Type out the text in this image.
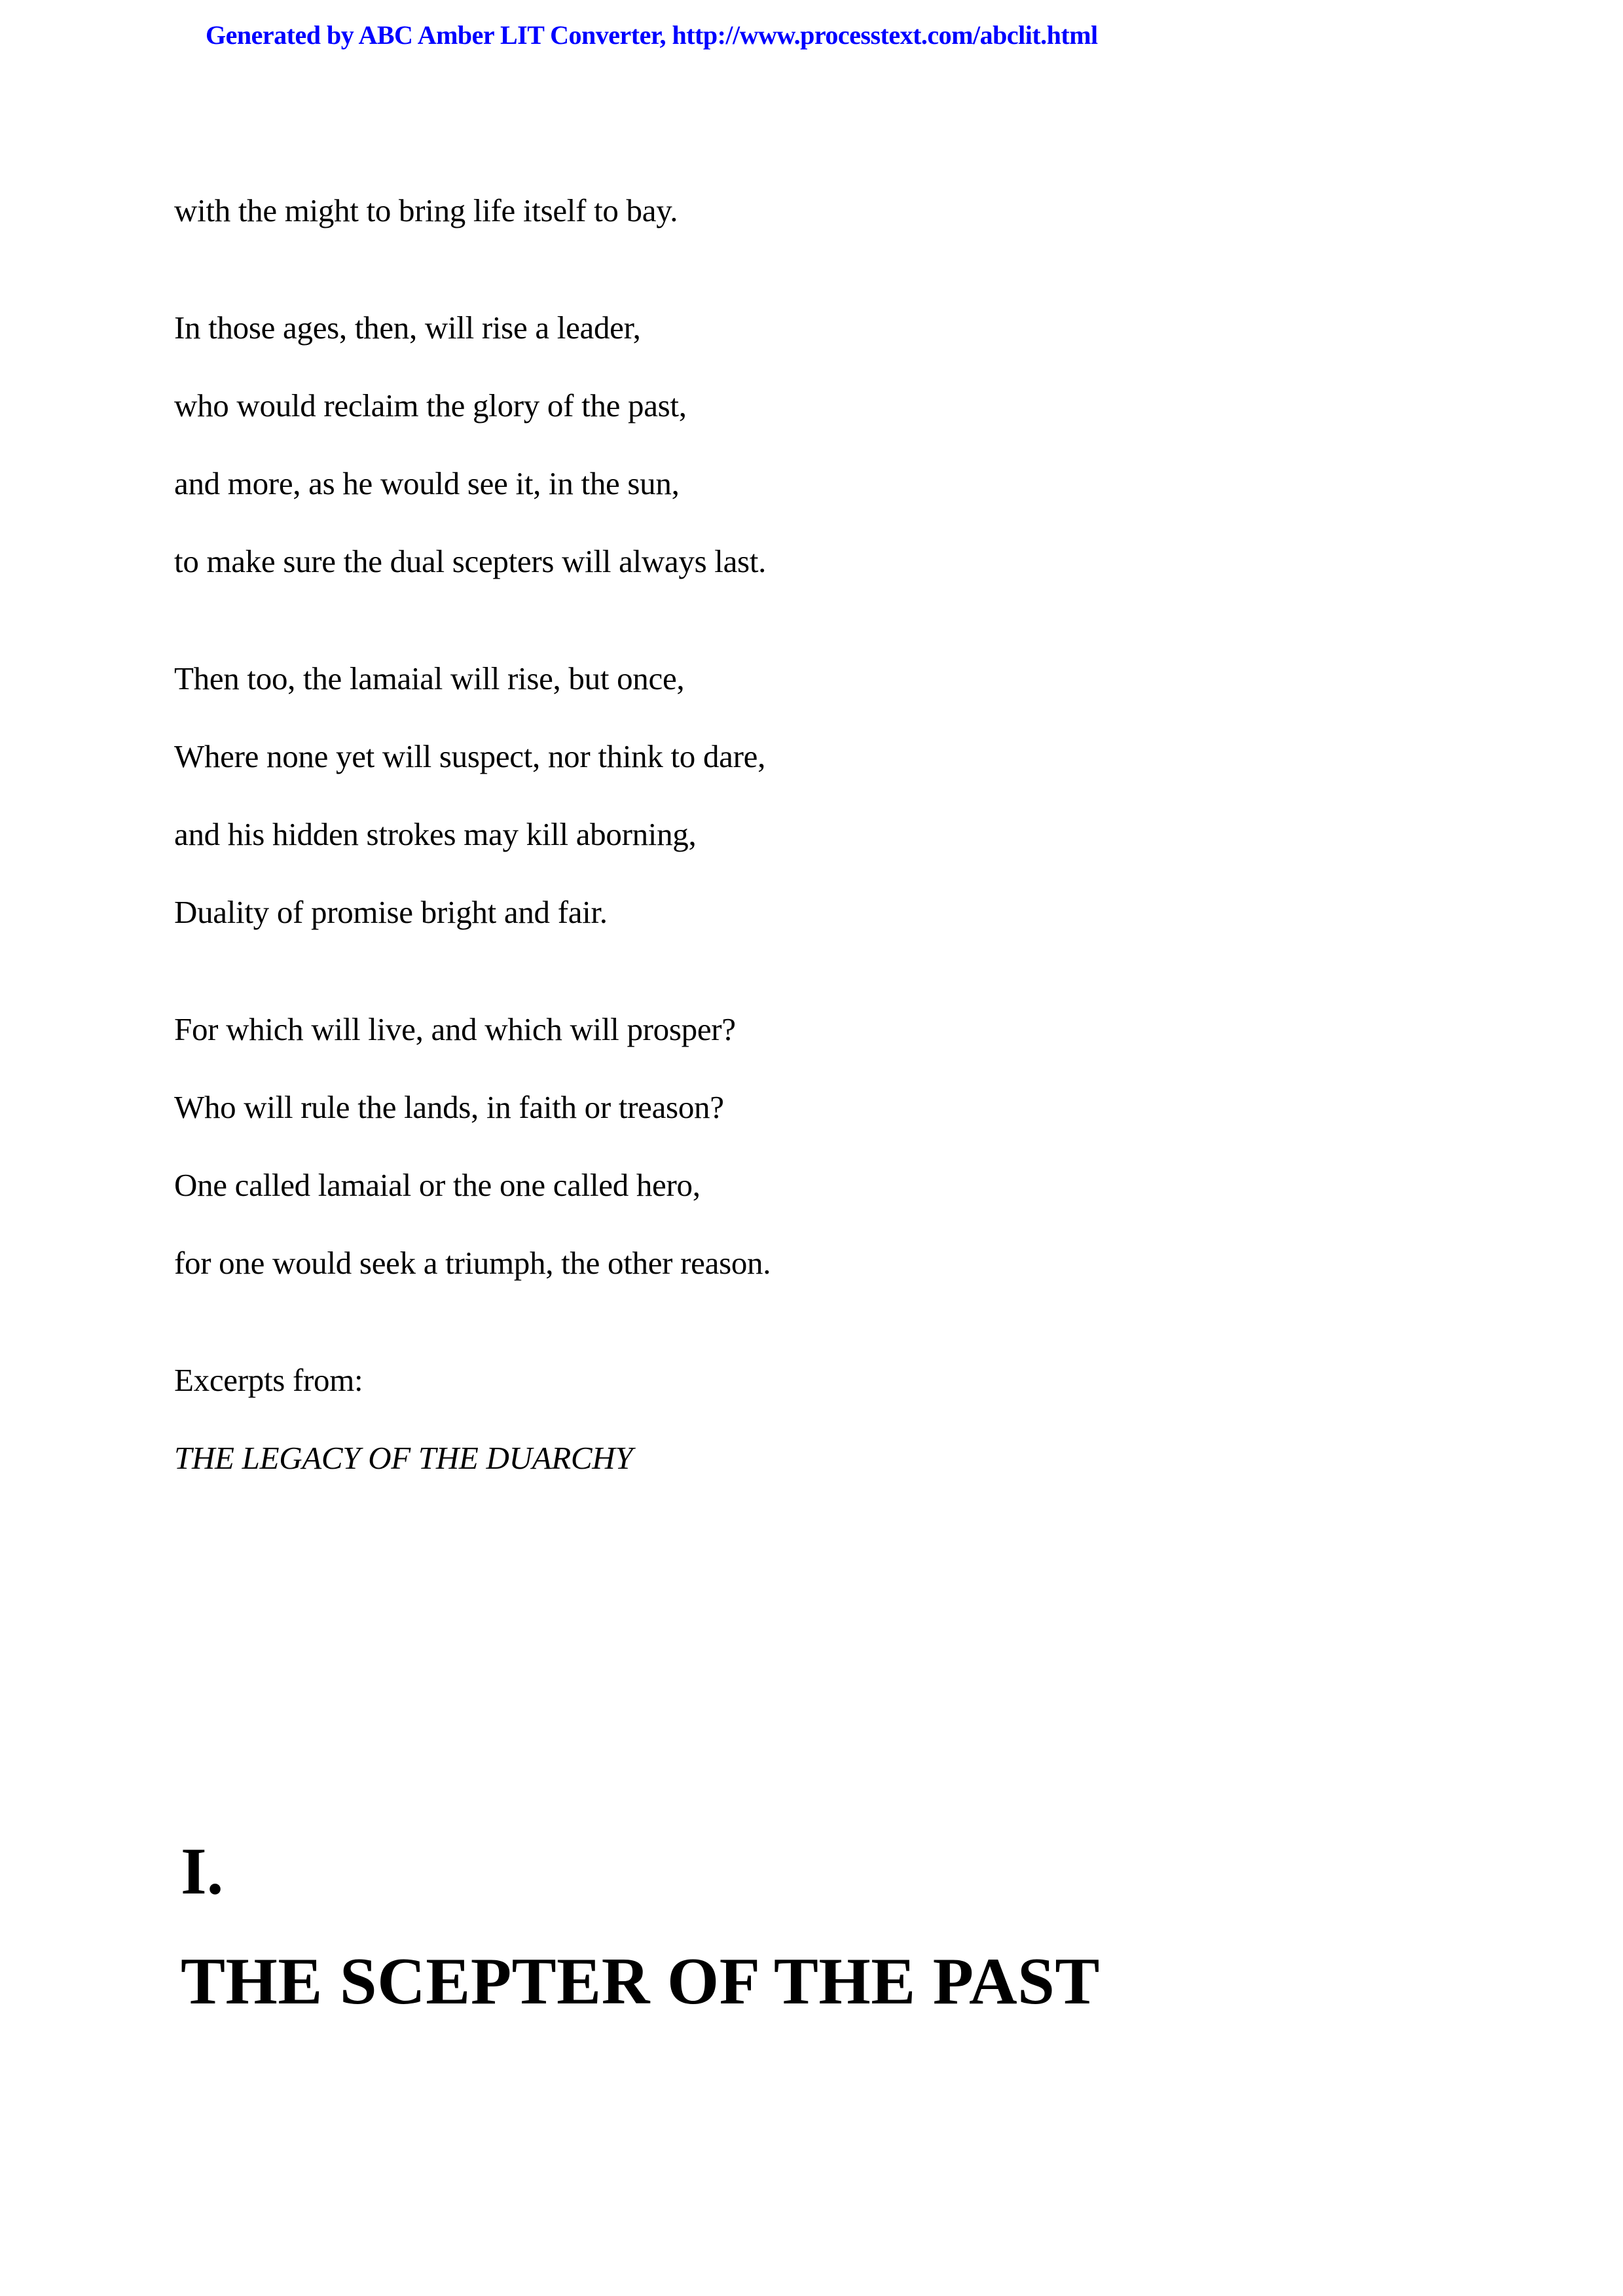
Generated by ABC Amber LIT Converter, http://www.processtext.com/abclit.html

with the might to bring life itself to bay.

In those ages, then, will rise a leader,

who would reclaim the glory of the past,

and more, as he would see it, in the sun,

to make sure the dual scepters will always last.

Then too, the lamaial will rise, but once,

Where none yet will suspect, nor think to dare,

and his hidden strokes may kill aborning,

Duality of promise bright and fair.

For which will live, and which will prosper?

Who will rule the lands, in faith or treason?

One called lamaial or the one called hero,

for one would seek a triumph, the other reason.

Excerpts from:

THE LEGACY OF THE DUARCHY

I.
THE SCEPTER OF THE PAST
